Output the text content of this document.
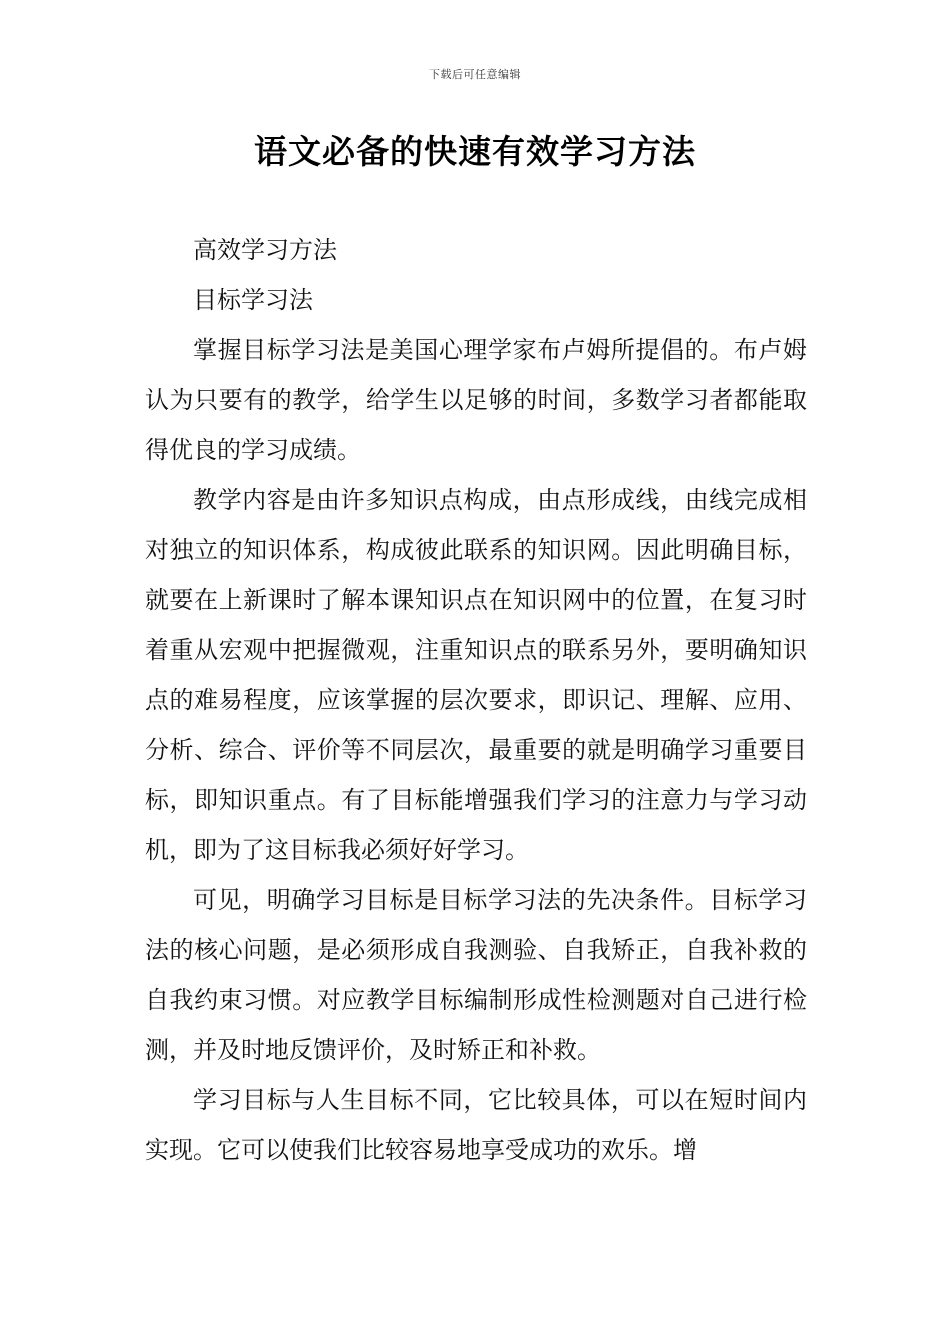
下载后可任意编辑
语文必备的快速有效学习方法

高效学习方法

目标学习法

掌握目标学习法是美国心理学家布卢姆所提倡的。布卢姆认为只要有的教学，给学生以足够的时间，多数学习者都能取得优良的学习成绩。

教学内容是由许多知识点构成，由点形成线，由线完成相对独立的知识体系，构成彼此联系的知识网。因此明确目标，就要在上新课时了解本课知识点在知识网中的位置，在复习时着重从宏观中把握微观，注重知识点的联系另外，要明确知识点的难易程度，应该掌握的层次要求，即识记、理解、应用、分析、综合、评价等不同层次，最重要的就是明确学习重要目标，即知识重点。有了目标能增强我们学习的注意力与学习动机，即为了这目标我必须好好学习。

可见，明确学习目标是目标学习法的先决条件。目标学习法的核心问题，是必须形成自我测验、自我矫正，自我补救的自我约束习惯。对应教学目标编制形成性检测题对自己进行检测，并及时地反馈评价，及时矫正和补救。

学习目标与人生目标不同，它比较具体，可以在短时间内实现。它可以使我们比较容易地享受成功的欢乐。增
